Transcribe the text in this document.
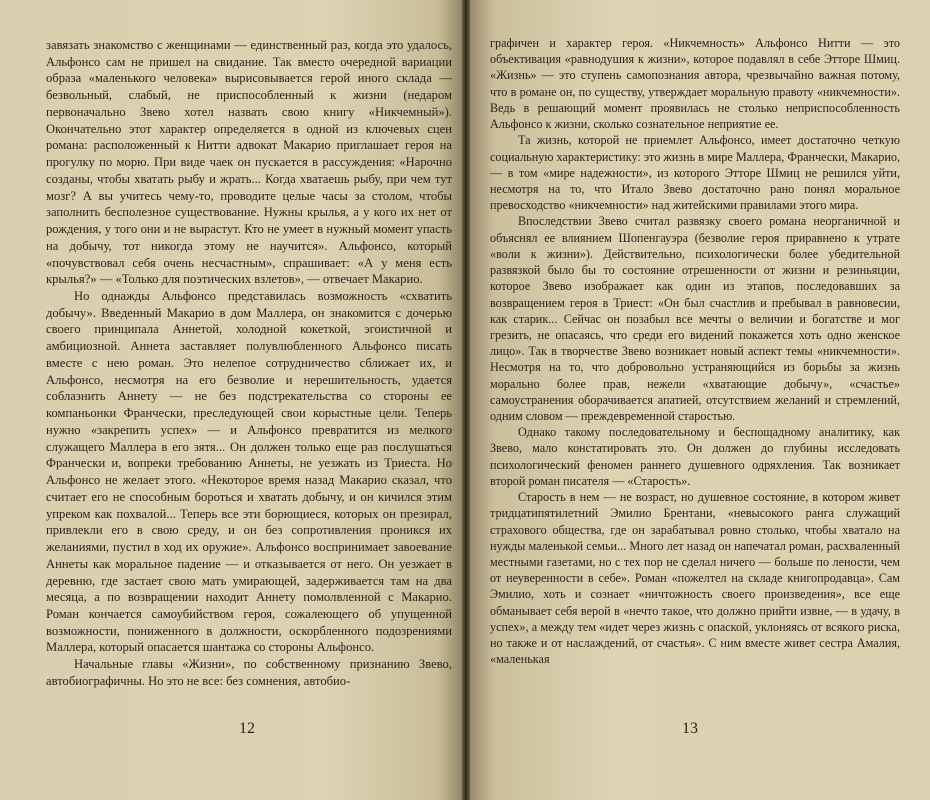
завязать знакомство с женщинами — единственный раз, когда это удалось, Альфонсо сам не пришел на свидание. Так вместо очередной вариации образа «маленького человека» вырисовывается герой иного склада — безвольный, слабый, не приспособленный к жизни (недаром первоначально Звево хотел назвать свою книгу «Никчемный»). Окончательно этот характер определяется в одной из ключевых сцен романа: расположенный к Нитти адвокат Макарио приглашает героя на прогулку по морю. При виде чаек он пускается в рассуждения: «Нарочно созданы, чтобы хватать рыбу и жрать... Когда хватаешь рыбу, при чем тут мозг? А вы учитесь чему-то, проводите целые часы за столом, чтобы заполнить бесполезное существование. Нужны крылья, а у кого их нет от рождения, у того они и не вырастут. Кто не умеет в нужный момент упасть на добычу, тот никогда этому не научится». Альфонсо, который «почувствовал себя очень несчастным», спрашивает: «А у меня есть крылья?» — «Только для поэтических взлетов», — отвечает Макарио.

Но однажды Альфонсо представилась возможность «схватить добычу». Введенный Макарио в дом Маллера, он знакомится с дочерью своего принципала Аннетой, холодной кокеткой, эгоистичной и амбициозной. Аннета заставляет полувлюбленного Альфонсо писать вместе с нею роман. Это нелепое сотрудничество сближает их, и Альфонсо, несмотря на его безволие и нерешительность, удается соблазнить Аннету — не без подстрекательства со стороны ее компаньонки Франчески, преследующей свои корыстные цели. Теперь нужно «закрепить успех» — и Альфонсо превратится из мелкого служащего Маллера в его зятя... Он должен только еще раз послушаться Франчески и, вопреки требованию Аннеты, не уезжать из Триеста. Но Альфонсо не желает этого. «Некоторое время назад Макарио сказал, что считает его не способным бороться и хватать добычу, и он кичился этим упреком как похвалой... Теперь все эти борющиеся, которых он презирал, привлекли его в свою среду, и он без сопротивления проникся их желаниями, пустил в ход их оружие». Альфонсо воспринимает завоевание Аннеты как моральное падение — и отказывается от него. Он уезжает в деревню, где застает свою мать умирающей, задерживается там на два месяца, а по возвращении находит Аннету помолвленной с Макарио. Роман кончается самоубийством героя, сожалеющего об упущенной возможности, пониженного в должности, оскорбленного подозрениями Маллера, который опасается шантажа со стороны Альфонсо.

Начальные главы «Жизни», по собственному признанию Звево, автобиографичны. Но это не все: без сомнения, автобио-

12

графичен и характер героя. «Никчемность» Альфонсо Нитти — это объективация «равнодушия к жизни», которое подавлял в себе Этторе Шмиц. «Жизнь» — это ступень самопознания автора, чрезвычайно важная потому, что в романе он, по существу, утверждает моральную правоту «никчемности». Ведь в решающий момент проявилась не столько неприспособленность Альфонсо к жизни, сколько сознательное неприятие ее.

Та жизнь, которой не приемлет Альфонсо, имеет достаточно четкую социальную характеристику: это жизнь в мире Маллера, Франчески, Макарио, — в том «мире надежности», из которого Этторе Шмиц не решился уйти, несмотря на то, что Итало Звево достаточно рано понял моральное превосходство «никчемности» над житейскими правилами этого мира.

Впоследствии Звево считал развязку своего романа неорганичной и объяснял ее влиянием Шопенгауэра (безволие героя приравнено к утрате «воли к жизни»). Действительно, психологически более убедительной развязкой было бы то состояние отрешенности от жизни и резиньяции, которое Звево изображает как один из этапов, последовавших за возвращением героя в Триест: «Он был счастлив и пребывал в равновесии, как старик... Сейчас он позабыл все мечты о величии и богатстве и мог грезить, не опасаясь, что среди его видений покажется хоть одно женское лицо». Так в творчестве Звево возникает новый аспект темы «никчемности». Несмотря на то, что добровольно устраняющийся из борьбы за жизнь морально более прав, нежели «хватающие добычу», «счастье» самоустранения оборачивается апатией, отсутствием желаний и стремлений, одним словом — преждевременной старостью.

Однако такому последовательному и беспощадному аналитику, как Звево, мало констатировать это. Он должен до глубины исследовать психологический феномен раннего душевного одряхления. Так возникает второй роман писателя — «Старость».

Старость в нем — не возраст, но душевное состояние, в котором живет тридцатипятилетний Эмилио Брентани, «невысокого ранга служащий страхового общества, где он зарабатывал ровно столько, чтобы хватало на нужды маленькой семьи... Много лет назад он напечатал роман, расхваленный местными газетами, но с тех пор не сделал ничего — больше по лености, чем от неуверенности в себе». Роман «пожелтел на складе книгопродавца». Сам Эмилио, хоть и сознает «ничтожность своего произведения», все еще обманывает себя верой в «нечто такое, что должно прийти извне, — в удачу, в успех», а между тем «идет через жизнь с опаской, уклоняясь от всякого риска, но также и от наслаждений, от счастья». С ним вместе живет сестра Амалия, «маленькая

13
